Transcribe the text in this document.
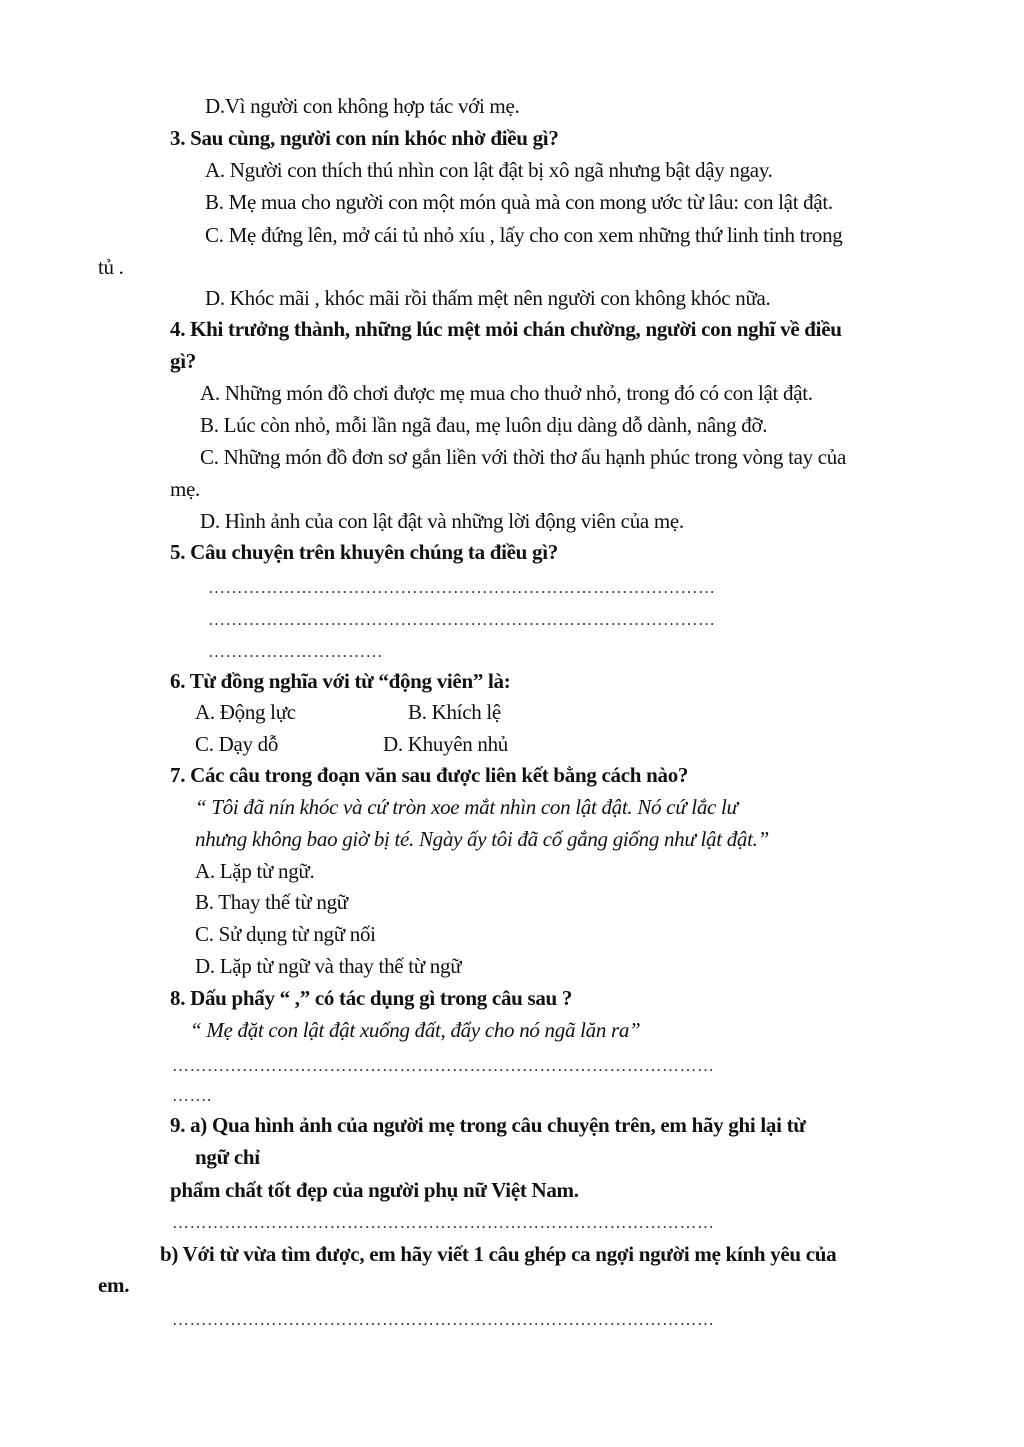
D.Vì người con không hợp tác với mẹ.
3. Sau cùng, người con nín khóc nhờ điều gì?
A. Người con thích thú nhìn con lật đật bị xô ngã nhưng bật dậy ngay.
B. Mẹ mua cho người con một món quà mà con mong ước từ lâu: con lật đật.
C. Mẹ đứng lên, mở cái tủ nhỏ xíu , lấy cho con xem những thứ linh tinh trong
tủ .
D. Khóc mãi , khóc mãi rồi thấm mệt nên người con không khóc nữa.
4. Khi trưởng thành, những lúc mệt mỏi chán chường, người con nghĩ về điều
gì?
A. Những món đồ chơi được mẹ mua cho thuở nhỏ, trong đó có con lật đật.
B. Lúc còn nhỏ, mỗi lần ngã đau, mẹ luôn dịu dàng dỗ dành, nâng đỡ.
C. Những món đồ đơn sơ gắn liền với thời thơ ấu hạnh phúc trong vòng tay của
mẹ.
D. Hình ảnh của con lật đật và những lời động viên của mẹ.
5. Câu chuyện trên khuyên chúng ta điều gì?
……………………………………………………………………………
……………………………………………………………………………
…………………………
6. Từ đồng nghĩa với từ “động viên” là:
A. Động lực	B. Khích lệ
C. Dạy dỗ	D. Khuyên nhủ
7. Các câu trong đoạn văn sau được liên kết bằng cách nào?
“ Tôi đã nín khóc và cứ tròn xoe mắt nhìn con lật đật. Nó cứ lắc lư
nhưng không bao giờ bị té. Ngày ấy tôi đã cố gắng giống như lật đật.”
A. Lặp từ ngữ.
B. Thay thế từ ngữ
C. Sử dụng từ ngữ nối
D. Lặp từ ngữ và thay thế từ ngữ
8. Dấu phẩy “ ,” có tác dụng gì trong câu sau ?
“ Mẹ đặt con lật đật xuống đất, đẩy cho nó ngã lăn ra”
…………………………………………………………………………………
…….
9. a) Qua hình ảnh của người mẹ trong câu chuyện trên, em hãy ghi lại từ
ngữ chỉ
phẩm chất tốt đẹp của người phụ nữ Việt Nam.
…………………………………………………………………………………
b) Với từ vừa tìm được, em hãy viết 1 câu ghép ca ngợi người mẹ kính yêu của
em.
…………………………………………………………………………………
